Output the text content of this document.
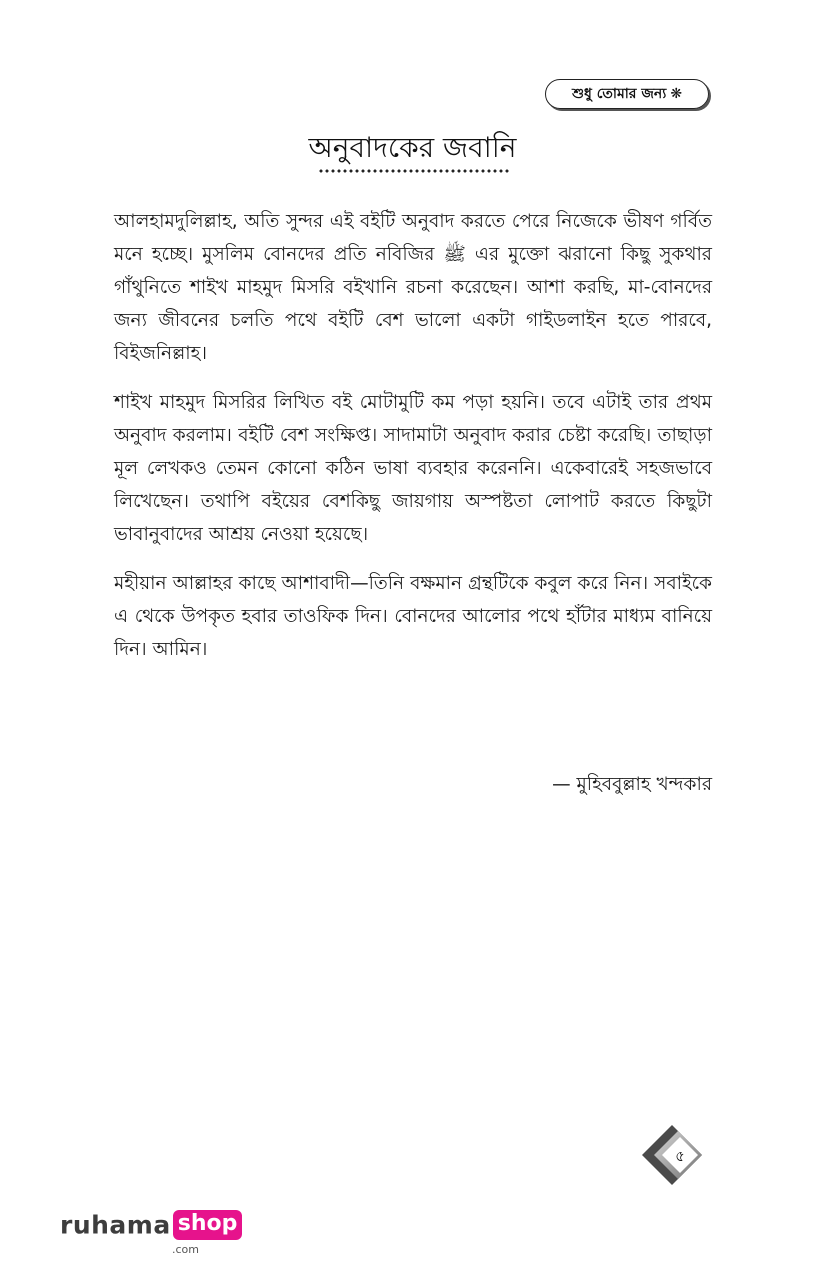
শুধু তোমার জন্য ❋
অনুবাদকের জবানি

আলহামদুলিল্লাহ, অতি সুন্দর এই বইটি অনুবাদ করতে পেরে নিজেকে ভীষণ গর্বিত মনে হচ্ছে। মুসলিম বোনদের প্রতি নবিজির ﷺ এর মুক্তো ঝরানো কিছু সুকথার গাঁথুনিতে শাইখ মাহমুদ মিসরি বইখানি রচনা করেছেন। আশা করছি, মা-বোনদের জন্য জীবনের চলতি পথে বইটি বেশ ভালো একটা গাইডলাইন হতে পারবে, বিইজনিল্লাহ।

শাইখ মাহমুদ মিসরির লিখিত বই মোটামুটি কম পড়া হয়নি। তবে এটাই তার প্রথম অনুবাদ করলাম। বইটি বেশ সংক্ষিপ্ত। সাদামাটা অনুবাদ করার চেষ্টা করেছি। তাছাড়া মূল লেখকও তেমন কোনো কঠিন ভাষা ব্যবহার করেননি। একেবারেই সহজভাবে লিখেছেন। তথাপি বইয়ের বেশকিছু জায়গায় অস্পষ্টতা লোপাট করতে কিছুটা ভাবানুবাদের আশ্রয় নেওয়া হয়েছে।

মহীয়ান আল্লাহর কাছে আশাবাদী—তিনি বক্ষমান গ্রন্থটিকে কবুল করে নিন। সবাইকে এ থেকে উপকৃত হবার তাওফিক দিন। বোনদের আলোর পথে হাঁটার মাধ্যম বানিয়ে দিন। আমিন।

— মুহিববুল্লাহ খন্দকার
৫
ruhama shop
.com
